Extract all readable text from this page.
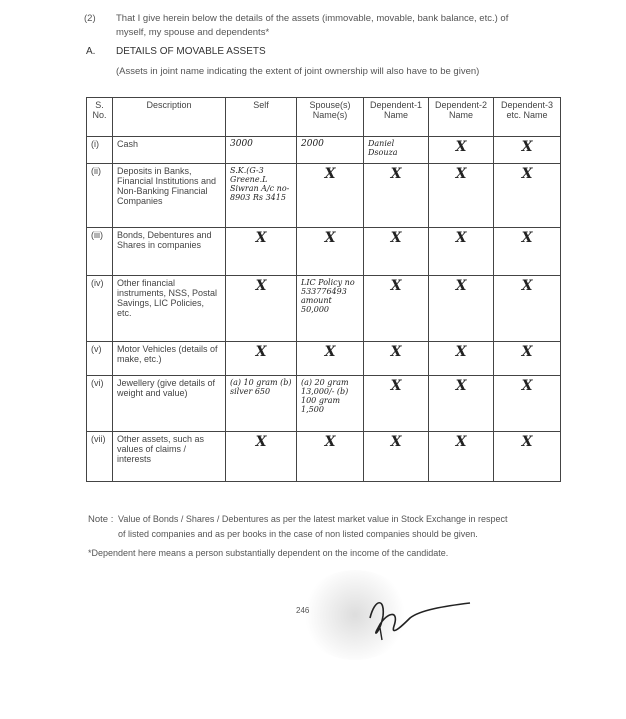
(2) That I give herein below the details of the assets (immovable, movable, bank balance, etc.) of
myself, my spouse and dependents*
A. DETAILS OF MOVABLE ASSETS
(Assets in joint name indicating the extent of joint ownership will also have to be given)
S. No.	Description	Self	Spouse(s) Name(s)	Dependent-1 Name	Dependent-2 Name	Dependent-3 etc. Name
(i)	Cash	3000	2000	Daniel Dsouza	X	X
(ii)	Deposits in Banks, Financial Institutions and Non-Banking Financial Companies	S.K.(G-3 Greene.L Siwran A/c no-8903 Rs 3415	X	X	X	X
(iii)	Bonds, Debentures and Shares in companies	X	X	X	X	X
(iv)	Other financial instruments, NSS, Postal Savings, LIC Policies, etc.	X	LIC Policy no 533776493 amount 50,000	X	X	X
(v)	Motor Vehicles (details of make, etc.)	X	X	X	X	X
(vi)	Jewellery (give details of weight and value)	(a) 10 gram (b) silver 650	(a) 20 gram 13,000/- (b) 100 gram 1,500	X	X	X
(vii)	Other assets, such as values of claims / interests	X	X	X	X	X
Note : Value of Bonds / Shares / Debentures as per the latest market value in Stock Exchange in respect
of listed companies and as per books in the case of non listed companies should be given.
*Dependent here means a person substantially dependent on the income of the candidate.
246
